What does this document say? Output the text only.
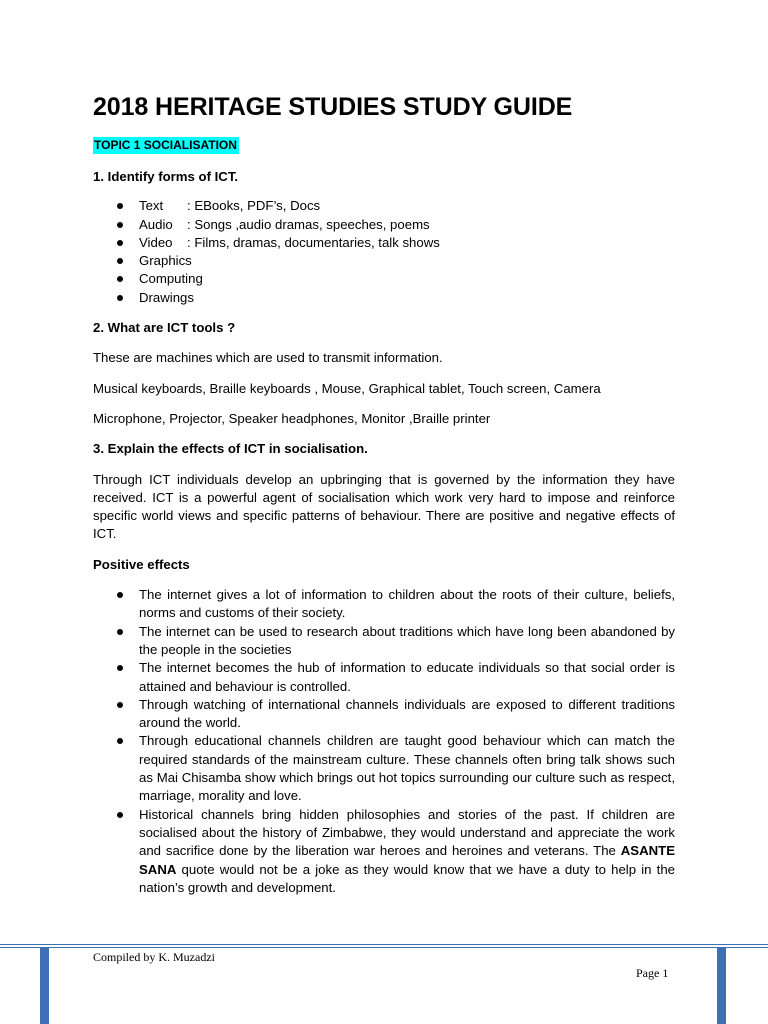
2018 HERITAGE STUDIES STUDY GUIDE
TOPIC 1 SOCIALISATION

1. Identify forms of ICT.

Text : EBooks, PDF’s, Docs
Audio : Songs ,audio dramas, speeches, poems
Video : Films, dramas, documentaries, talk shows
Graphics
Computing
Drawings

2. What are ICT tools ?

These are machines which are used to transmit information.

Musical keyboards, Braille keyboards , Mouse, Graphical tablet, Touch screen, Camera

Microphone, Projector, Speaker headphones, Monitor ,Braille printer

3. Explain the effects of ICT in socialisation.

Through ICT individuals develop an upbringing that is governed by the information they have received. ICT is a powerful agent of socialisation which work very hard to impose and reinforce specific world views and specific patterns of behaviour. There are positive and negative effects of ICT.

Positive effects

The internet gives a lot of information to children about the roots of their culture, beliefs, norms and customs of their society.
The internet can be used to research about traditions which have long been abandoned by the people in the societies
The internet becomes the hub of information to educate individuals so that social order is attained and behaviour is controlled.
Through watching of international channels individuals are exposed to different traditions around the world.
Through educational channels children are taught good behaviour which can match the required standards of the mainstream culture. These channels often bring talk shows such as Mai Chisamba show which brings out hot topics surrounding our culture such as respect, marriage, morality and love.
Historical channels bring hidden philosophies and stories of the past. If children are socialised about the history of Zimbabwe, they would understand and appreciate the work and sacrifice done by the liberation war heroes and heroines and veterans. The ASANTE SANA quote would not be a joke as they would know that we have a duty to help in the nation’s growth and development.
Compiled by K. Muzadzi
Page 1
